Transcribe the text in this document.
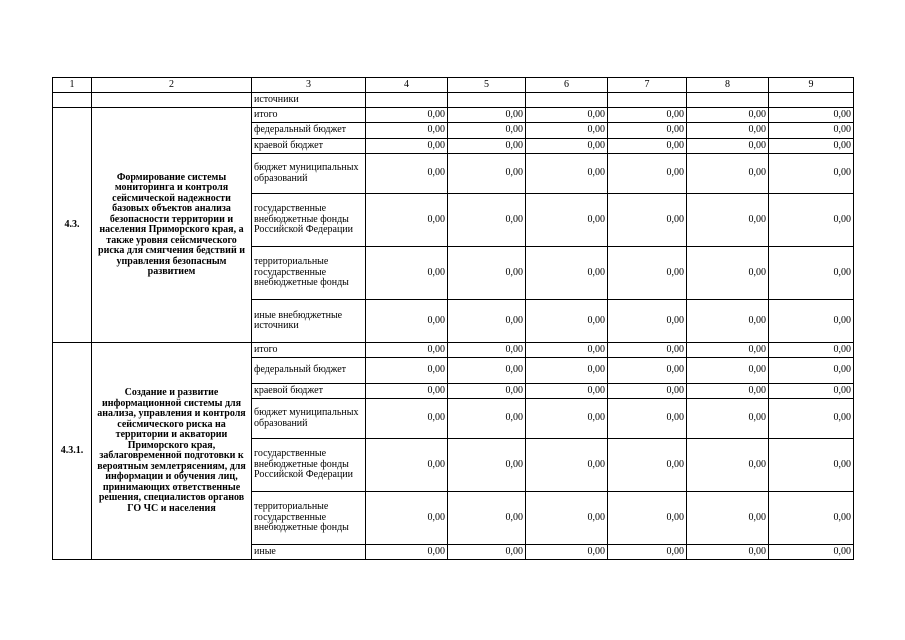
1	2	3	4	5	6	7	8	9
		источники						
4.3.	Формирование системы мониторинга и контроля сейсмической надежности базовых объектов анализа безопасности территории и населения Приморского края, а также уровня сейсмического риска для смягчения бедствий и управления безопасным развитием	итого	0,00	0,00	0,00	0,00	0,00	0,00
		федеральный бюджет	0,00	0,00	0,00	0,00	0,00	0,00
		краевой бюджет	0,00	0,00	0,00	0,00	0,00	0,00
		бюджет муниципальных образований	0,00	0,00	0,00	0,00	0,00	0,00
		государственные внебюджетные фонды Российской Федерации	0,00	0,00	0,00	0,00	0,00	0,00
		территориальные государственные внебюджетные фонды	0,00	0,00	0,00	0,00	0,00	0,00
		иные внебюджетные источники	0,00	0,00	0,00	0,00	0,00	0,00
4.3.1.	Создание и развитие информационной системы для анализа, управления и контроля сейсмического риска на территории и акватории Приморского края, заблаговременной подготовки к вероятным землетрясениям, для информации и обучения лиц, принимающих ответственные решения, специалистов органов ГО ЧС и населения	итого	0,00	0,00	0,00	0,00	0,00	0,00
		федеральный бюджет	0,00	0,00	0,00	0,00	0,00	0,00
		краевой бюджет	0,00	0,00	0,00	0,00	0,00	0,00
		бюджет муниципальных образований	0,00	0,00	0,00	0,00	0,00	0,00
		государственные внебюджетные фонды Российской Федерации	0,00	0,00	0,00	0,00	0,00	0,00
		территориальные государственные внебюджетные фонды	0,00	0,00	0,00	0,00	0,00	0,00
		иные	0,00	0,00	0,00	0,00	0,00	0,00
